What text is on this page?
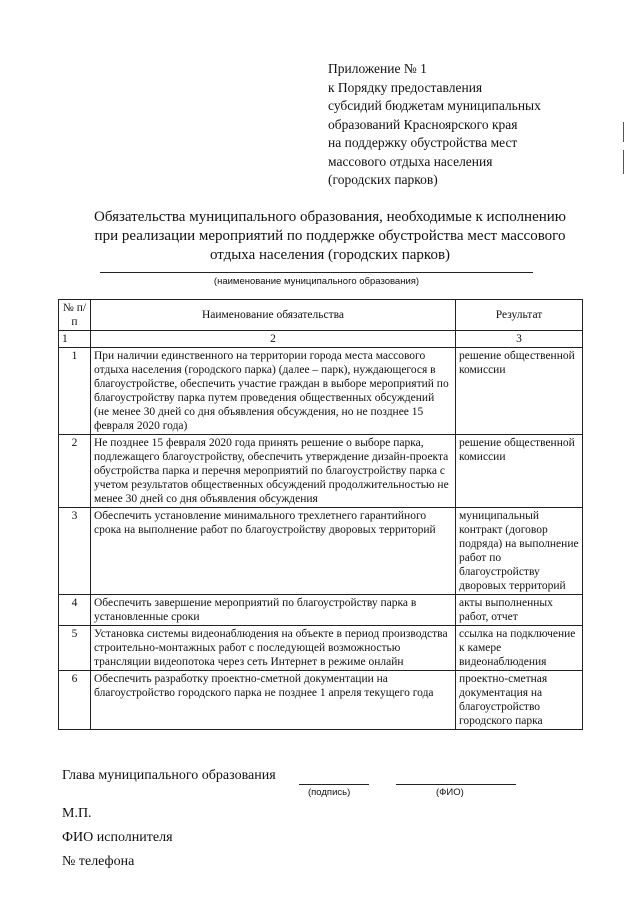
Приложение № 1
к Порядку предоставления
субсидий бюджетам муниципальных
образований Красноярского края
на поддержку обустройства мест
массового отдыха населения
(городских парков)
Обязательства муниципального образования, необходимые к исполнению
при реализации мероприятий по поддержке обустройства мест массового
отдыха населения (городских парков)
(наименование муниципального образования)
№ п/п	Наименование обязательства	Результат
1	2	3
1	При наличии единственного на территории города места массового отдыха населения (городского парка) (далее – парк), нуждающегося в благоустройстве, обеспечить участие граждан в выборе мероприятий по благоустройству парка путем проведения общественных обсуждений (не менее 30 дней со дня объявления обсуждения, но не позднее 15 февраля 2020 года)	решение общественной комиссии
2	Не позднее 15 февраля 2020 года принять решение о выборе парка, подлежащего благоустройству, обеспечить утверждение дизайн-проекта обустройства парка и перечня мероприятий по благоустройству парка с учетом результатов общественных обсуждений продолжительностью не менее 30 дней со дня объявления обсуждения	решение общественной комиссии
3	Обеспечить установление минимального трехлетнего гарантийного срока на выполнение работ по благоустройству дворовых территорий	муниципальный контракт (договор подряда) на выполнение работ по благоустройству дворовых территорий
4	Обеспечить завершение мероприятий по благоустройству парка в установленные сроки	акты выполненных работ, отчет
5	Установка системы видеонаблюдения на объекте в период производства строительно-монтажных работ с последующей возможностью трансляции видеопотока через сеть Интернет в режиме онлайн	ссылка на подключение к камере видеонаблюдения
6	Обеспечить разработку проектно-сметной документации на благоустройство городского парка не позднее 1 апреля текущего года	проектно-сметная документация на благоустройство городского парка
Глава муниципального образования
(подпись)	(ФИО)
М.П.
ФИО исполнителя
№ телефона
